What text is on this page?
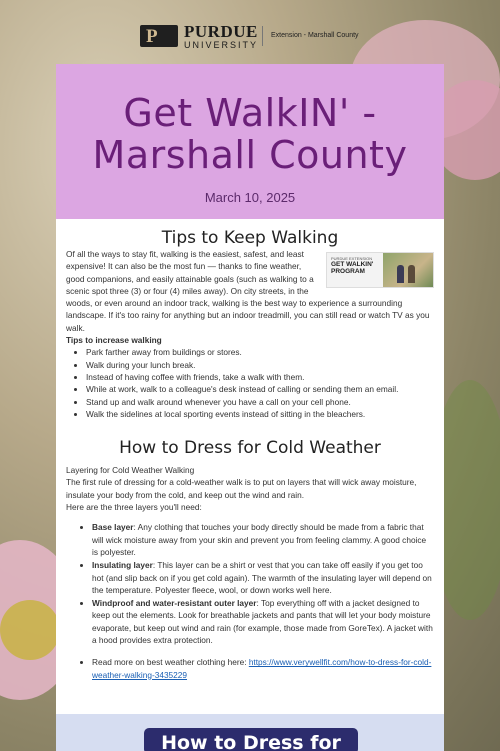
P PURDUE
UNIVERSITY
Extension - Marshall County
Get WalkIN' - Marshall County
March 10, 2025
Tips to Keep Walking
PURDUE EXTENSION
GET WALKIN'
PROGRAM
Of all the ways to stay fit, walking is the easiest, safest, and least expensive! It can also be the most fun — thanks to fine weather, good companions, and easily attainable goals (such as walking to a scenic spot three (3) or four (4) miles away). On city streets, in the woods, or even around an indoor track, walking is the best way to experience a surrounding landscape. If it's too rainy for anything but an indoor treadmill, you can still read or watch TV as you walk.
Tips to increase walking
• Park farther away from buildings or stores.
• Walk during your lunch break.
• Instead of having coffee with friends, take a walk with them.
• While at work, walk to a colleague's desk instead of calling or sending them an email.
• Stand up and walk around whenever you have a call on your cell phone.
• Walk the sidelines at local sporting events instead of sitting in the bleachers.
How to Dress for Cold Weather
Layering for Cold Weather Walking
The first rule of dressing for a cold-weather walk is to put on layers that will wick away moisture, insulate your body from the cold, and keep out the wind and rain.
Here are the three layers you'll need:
• Base layer: Any clothing that touches your body directly should be made from a fabric that will wick moisture away from your skin and prevent you from feeling clammy. A good choice is polyester.
• Insulating layer: This layer can be a shirt or vest that you can take off easily if you get too hot (and slip back on if you get cold again). The warmth of the insulating layer will depend on the temperature. Polyester fleece, wool, or down works well here.
• Windproof and water-resistant outer layer: Top everything off with a jacket designed to keep out the elements. Look for breathable jackets and pants that will let your body moisture evaporate, but keep out wind and rain (for example, those made from GoreTex). A jacket with a hood provides extra protection.
• Read more on best weather clothing here: https://www.verywellfit.com/how-to-dress-for-cold-weather-walking-3435229
How to Dress for
